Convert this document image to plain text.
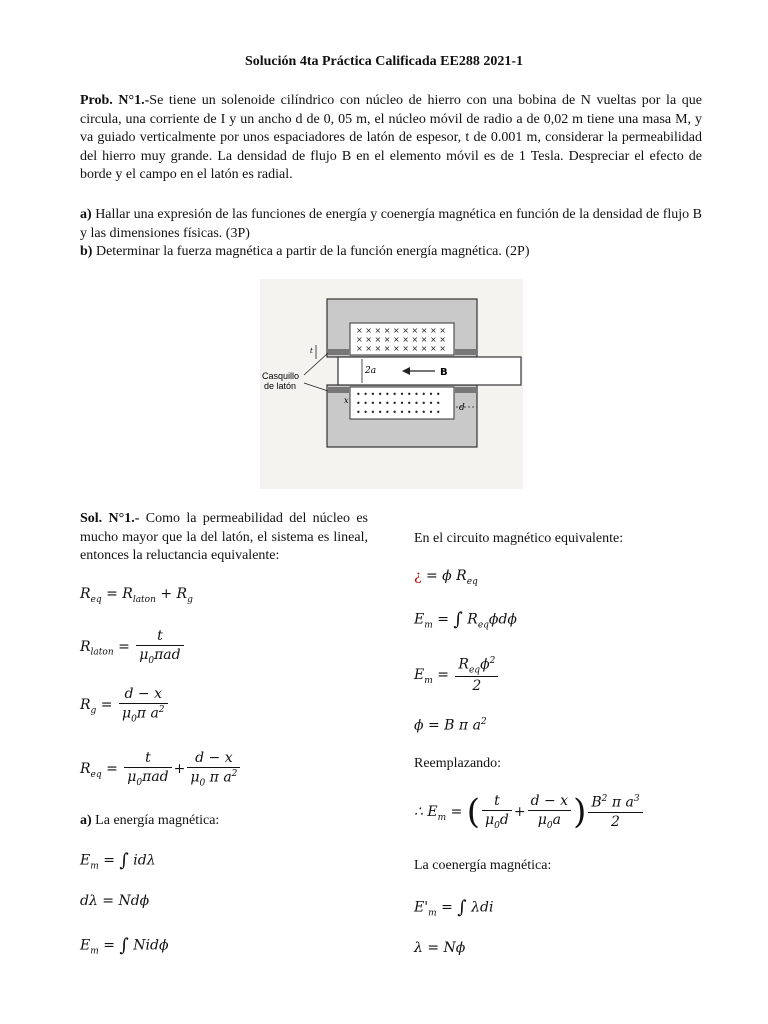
Solución 4ta Práctica Calificada EE288 2021-1
Prob. N°1.-Se tiene un solenoide cilíndrico con núcleo de hierro con una bobina de N vueltas por la que circula, una corriente de I y un ancho d de 0, 05 m, el núcleo móvil de radio a de 0,02 m tiene una masa M, y va guiado verticalmente por unos espaciadores de latón de espesor, t de 0.001 m, considerar la permeabilidad del hierro muy grande. La densidad de flujo B en el elemento móvil es de 1 Tesla. Despreciar el efecto de borde y el campo en el latón es radial.
a) Hallar una expresión de las funciones de energía y coenergía magnética en función de la densidad de flujo B y las dimensiones físicas. (3P)
b) Determinar la fuerza magnética a partir de la función energía magnética. (2P)
× × × × × × × × × ×
× × × × × × × × × ×
× × × × × × × × × ×
• • • • • • • • • • • •
• • • • • • • • • • • •
• • • • • • • • • • • •
B
2a
d
t
x
Casquillo
de latón
Sol. N°1.- Como la permeabilidad del núcleo es mucho mayor que la del latón, el sistema es lineal, entonces la reluctancia equivalente:
$R_{eq} = R_{laton} + R_g$
$R_{laton} = \frac{t}{\mu_0\pi ad}$
$R_g = \frac{d - x}{\mu_0\pi a^2}$
$R_{eq} = \frac{t}{\mu_0\pi ad} + \frac{d - x}{\mu_0 \pi a^2}$
a) La energía magnética:
$E_m$ = ∫ idλ
dλ = Ndϕ
$E_m$ = ∫ Nidϕ
En el circuito magnético equivalente:
¿ = ϕ $R_{eq}$
$E_m$ = ∫ $R_{eq}\phi d\phi$
$E_m = \frac{R_{eq}\phi^2}{2}$
ϕ = B π $a^2$
Reemplazando:
∴ $E_m$ = ( $\frac{t}{\mu_0d} + \frac{d - x}{\mu_0a}$ ) $\frac{B^2 \pi a^3}{2}$
La coenergía magnética:
$E'_m$ = ∫ λdi
λ = Nϕ
